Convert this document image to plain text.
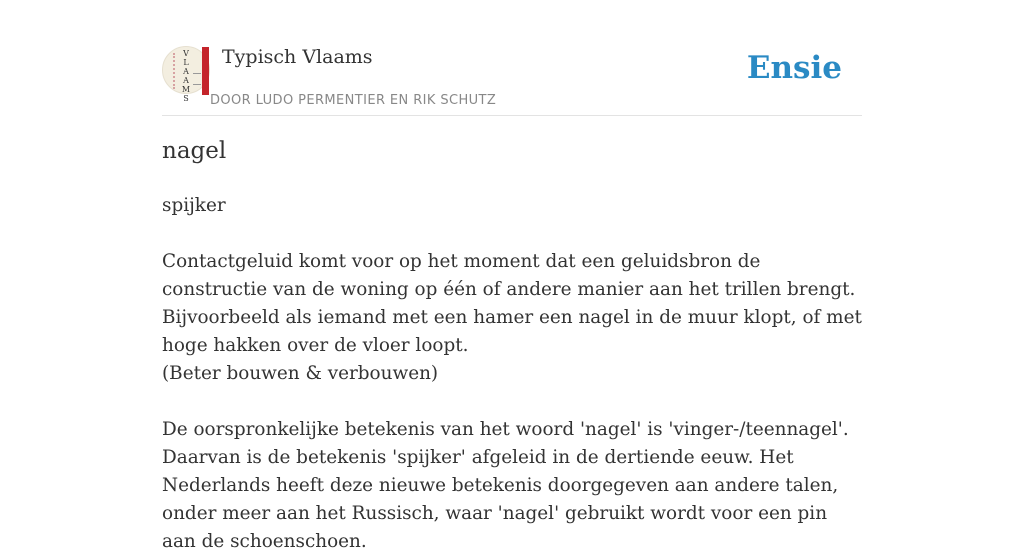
V
L
A
A
M
S
Typisch Vlaams
DOOR LUDO PERMENTIER EN RIK SCHUTZ
Ensie
nagel

spijker

Contactgeluid komt voor op het moment dat een geluidsbron de constructie van de woning op één of andere manier aan het trillen brengt. Bijvoorbeeld als iemand met een hamer een nagel in de muur klopt, of met hoge hakken over de vloer loopt.

(Beter bouwen & verbouwen)

De oorspronkelijke betekenis van het woord 'nagel' is 'vinger-/teennagel'. Daarvan is de betekenis 'spijker' afgeleid in de dertiende eeuw. Het Nederlands heeft deze nieuwe betekenis doorgegeven aan andere talen, onder meer aan het Russisch, waar 'nagel' gebruikt wordt voor een pin aan de schoenschoen.
